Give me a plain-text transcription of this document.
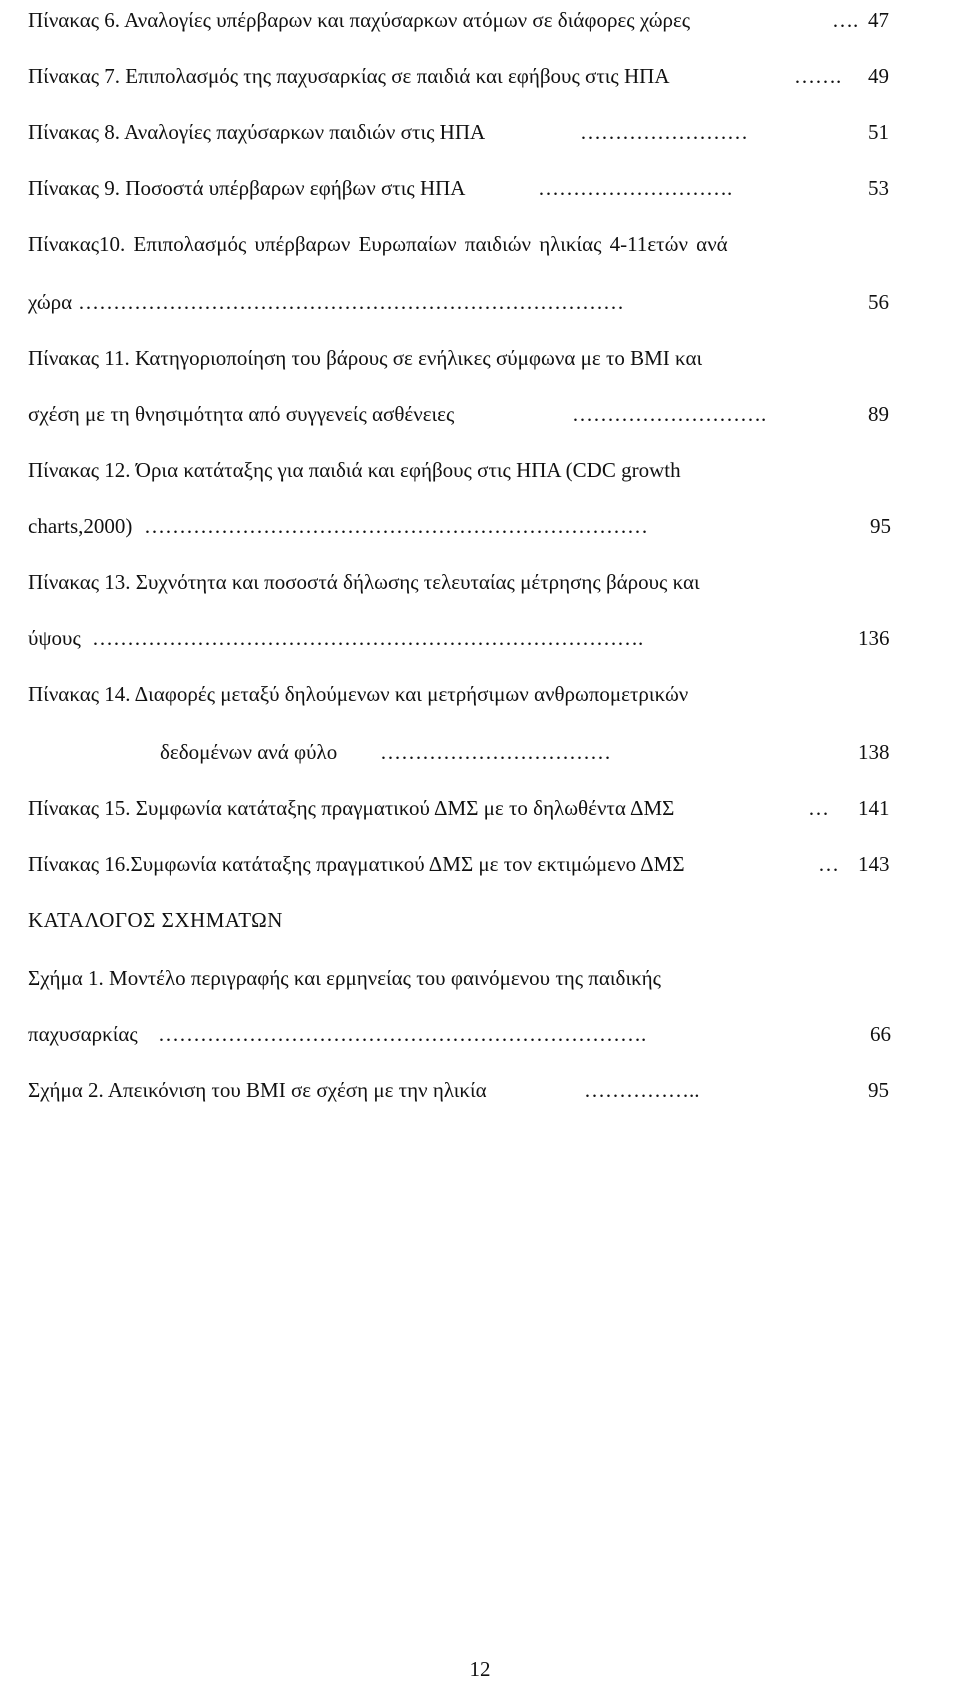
Πίνακας 6. Αναλογίες υπέρβαρων και παχύσαρκων ατόμων σε διάφορες χώρες	…. 47
Πίνακας 7. Επιπολασμός της παχυσαρκίας σε παιδιά και εφήβους στις ΗΠΑ	…….	49
Πίνακας 8. Αναλογίες παχύσαρκων παιδιών στις ΗΠΑ	……………………	51
Πίνακας 9. Ποσοστά υπέρβαρων εφήβων στις ΗΠΑ	……………………….	53
Πίνακας10. Επιπολασμός υπέρβαρων Ευρωπαίων παιδιών ηλικίας 4-11ετών ανά
χώρα ……………………………………………………………………	56
Πίνακας 11. Κατηγοριοποίηση του βάρους σε ενήλικες σύμφωνα με το BMI και
σχέση με τη θνησιμότητα από συγγενείς ασθένειες	……………………….	89
Πίνακας 12. Όρια κατάταξης για παιδιά και εφήβους στις ΗΠΑ (CDC growth
charts,2000) ………………………………………………………………	95
Πίνακας 13. Συχνότητα και ποσοστά δήλωσης τελευταίας μέτρησης βάρους και
ύψους …………………………………………………………………….	136
Πίνακας 14. Διαφορές μεταξύ δηλούμενων και μετρήσιμων ανθρωπομετρικών
δεδομένων ανά φύλο ……………………………	138
Πίνακας 15. Συμφωνία κατάταξης πραγματικού ΔΜΣ με το δηλωθέντα ΔΜΣ	…	141
Πίνακας 16.Συμφωνία κατάταξης πραγματικού ΔΜΣ με τον εκτιμώμενο ΔΜΣ	… 143
ΚΑΤΑΛΟΓΟΣ ΣΧΗΜΑΤΩΝ
Σχήμα 1. Μοντέλο περιγραφής και ερμηνείας του φαινόμενου της παιδικής
παχυσαρκίας …………………………………………………………….	66
Σχήμα 2. Απεικόνιση του BMI σε σχέση με την ηλικία	……………..	95
12
